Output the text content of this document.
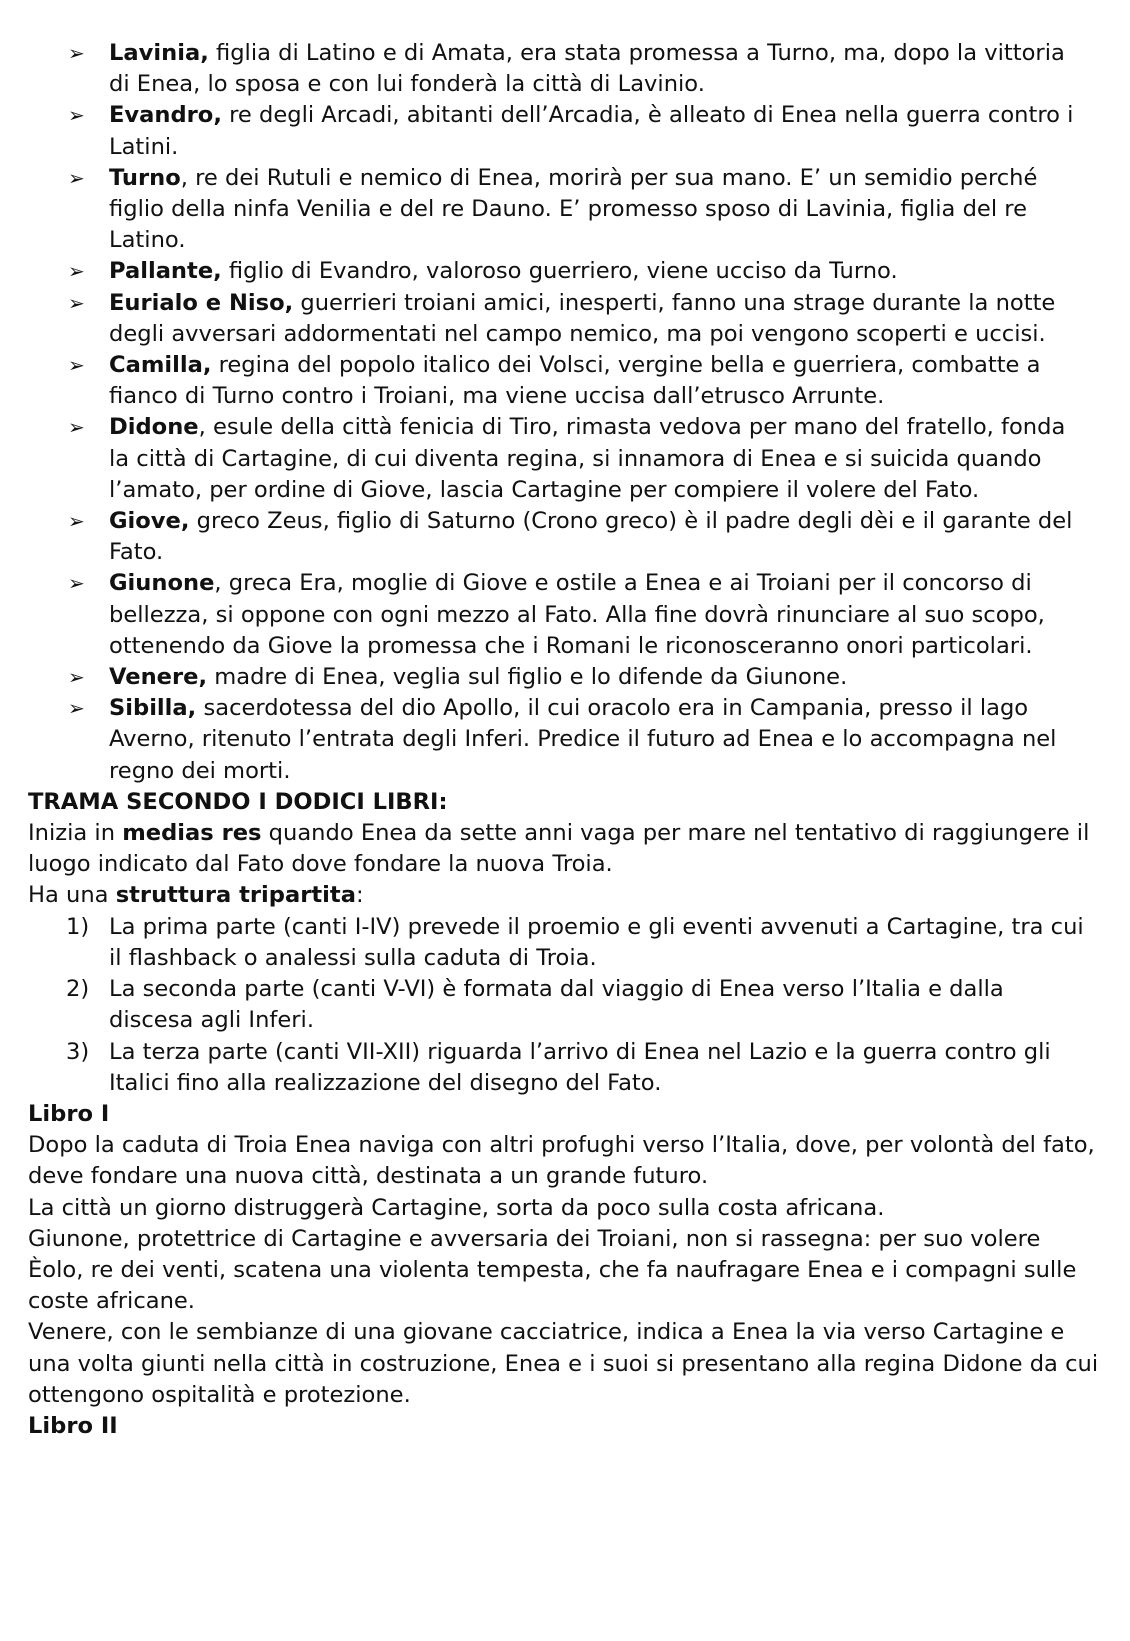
➢ Lavinia, figlia di Latino e di Amata, era stata promessa a Turno, ma, dopo la vittoria di Enea, lo sposa e con lui fonderà la città di Lavinio.
➢ Evandro, re degli Arcadi, abitanti dell’Arcadia, è alleato di Enea nella guerra contro i Latini.
➢ Turno, re dei Rutuli e nemico di Enea, morirà per sua mano. E’ un semidio perché figlio della ninfa Venilia e del re Dauno. E’ promesso sposo di Lavinia, figlia del re Latino.
➢ Pallante, figlio di Evandro, valoroso guerriero, viene ucciso da Turno.
➢ Eurialo e Niso, guerrieri troiani amici, inesperti, fanno una strage durante la notte degli avversari addormentati nel campo nemico, ma poi vengono scoperti e uccisi.
➢ Camilla, regina del popolo italico dei Volsci, vergine bella e guerriera, combatte a fianco di Turno contro i Troiani, ma viene uccisa dall’etrusco Arrunte.
➢ Didone, esule della città fenicia di Tiro, rimasta vedova per mano del fratello, fonda la città di Cartagine, di cui diventa regina, si innamora di Enea e si suicida quando l’amato, per ordine di Giove, lascia Cartagine per compiere il volere del Fato.
➢ Giove, greco Zeus, figlio di Saturno (Crono greco) è il padre degli dèi e il garante del Fato.
➢ Giunone, greca Era, moglie di Giove e ostile a Enea e ai Troiani per il concorso di bellezza, si oppone con ogni mezzo al Fato. Alla fine dovrà rinunciare al suo scopo, ottenendo da Giove la promessa che i Romani le riconosceranno onori particolari.
➢ Venere, madre di Enea, veglia sul figlio e lo difende da Giunone.
➢ Sibilla, sacerdotessa del dio Apollo, il cui oracolo era in Campania, presso il lago Averno, ritenuto l’entrata degli Inferi. Predice il futuro ad Enea e lo accompagna nel regno dei morti.

TRAMA SECONDO I DODICI LIBRI:

Inizia in medias res quando Enea da sette anni vaga per mare nel tentativo di raggiungere il luogo indicato dal Fato dove fondare la nuova Troia.

Ha una struttura tripartita:

1) La prima parte (canti I-IV) prevede il proemio e gli eventi avvenuti a Cartagine, tra cui il flashback o analessi sulla caduta di Troia.
2) La seconda parte (canti V-VI) è formata dal viaggio di Enea verso l’Italia e dalla discesa agli Inferi.
3) La terza parte (canti VII-XII) riguarda l’arrivo di Enea nel Lazio e la guerra contro gli Italici fino alla realizzazione del disegno del Fato.

Libro I

Dopo la caduta di Troia Enea naviga con altri profughi verso l’Italia, dove, per volontà del fato, deve fondare una nuova città, destinata a un grande futuro.

La città un giorno distruggerà Cartagine, sorta da poco sulla costa africana.

Giunone, protettrice di Cartagine e avversaria dei Troiani, non si rassegna: per suo volere Èolo, re dei venti, scatena una violenta tempesta, che fa naufragare Enea e i compagni sulle coste africane.

Venere, con le sembianze di una giovane cacciatrice, indica a Enea la via verso Cartagine e una volta giunti nella città in costruzione, Enea e i suoi si presentano alla regina Didone da cui ottengono ospitalità e protezione.

Libro II
